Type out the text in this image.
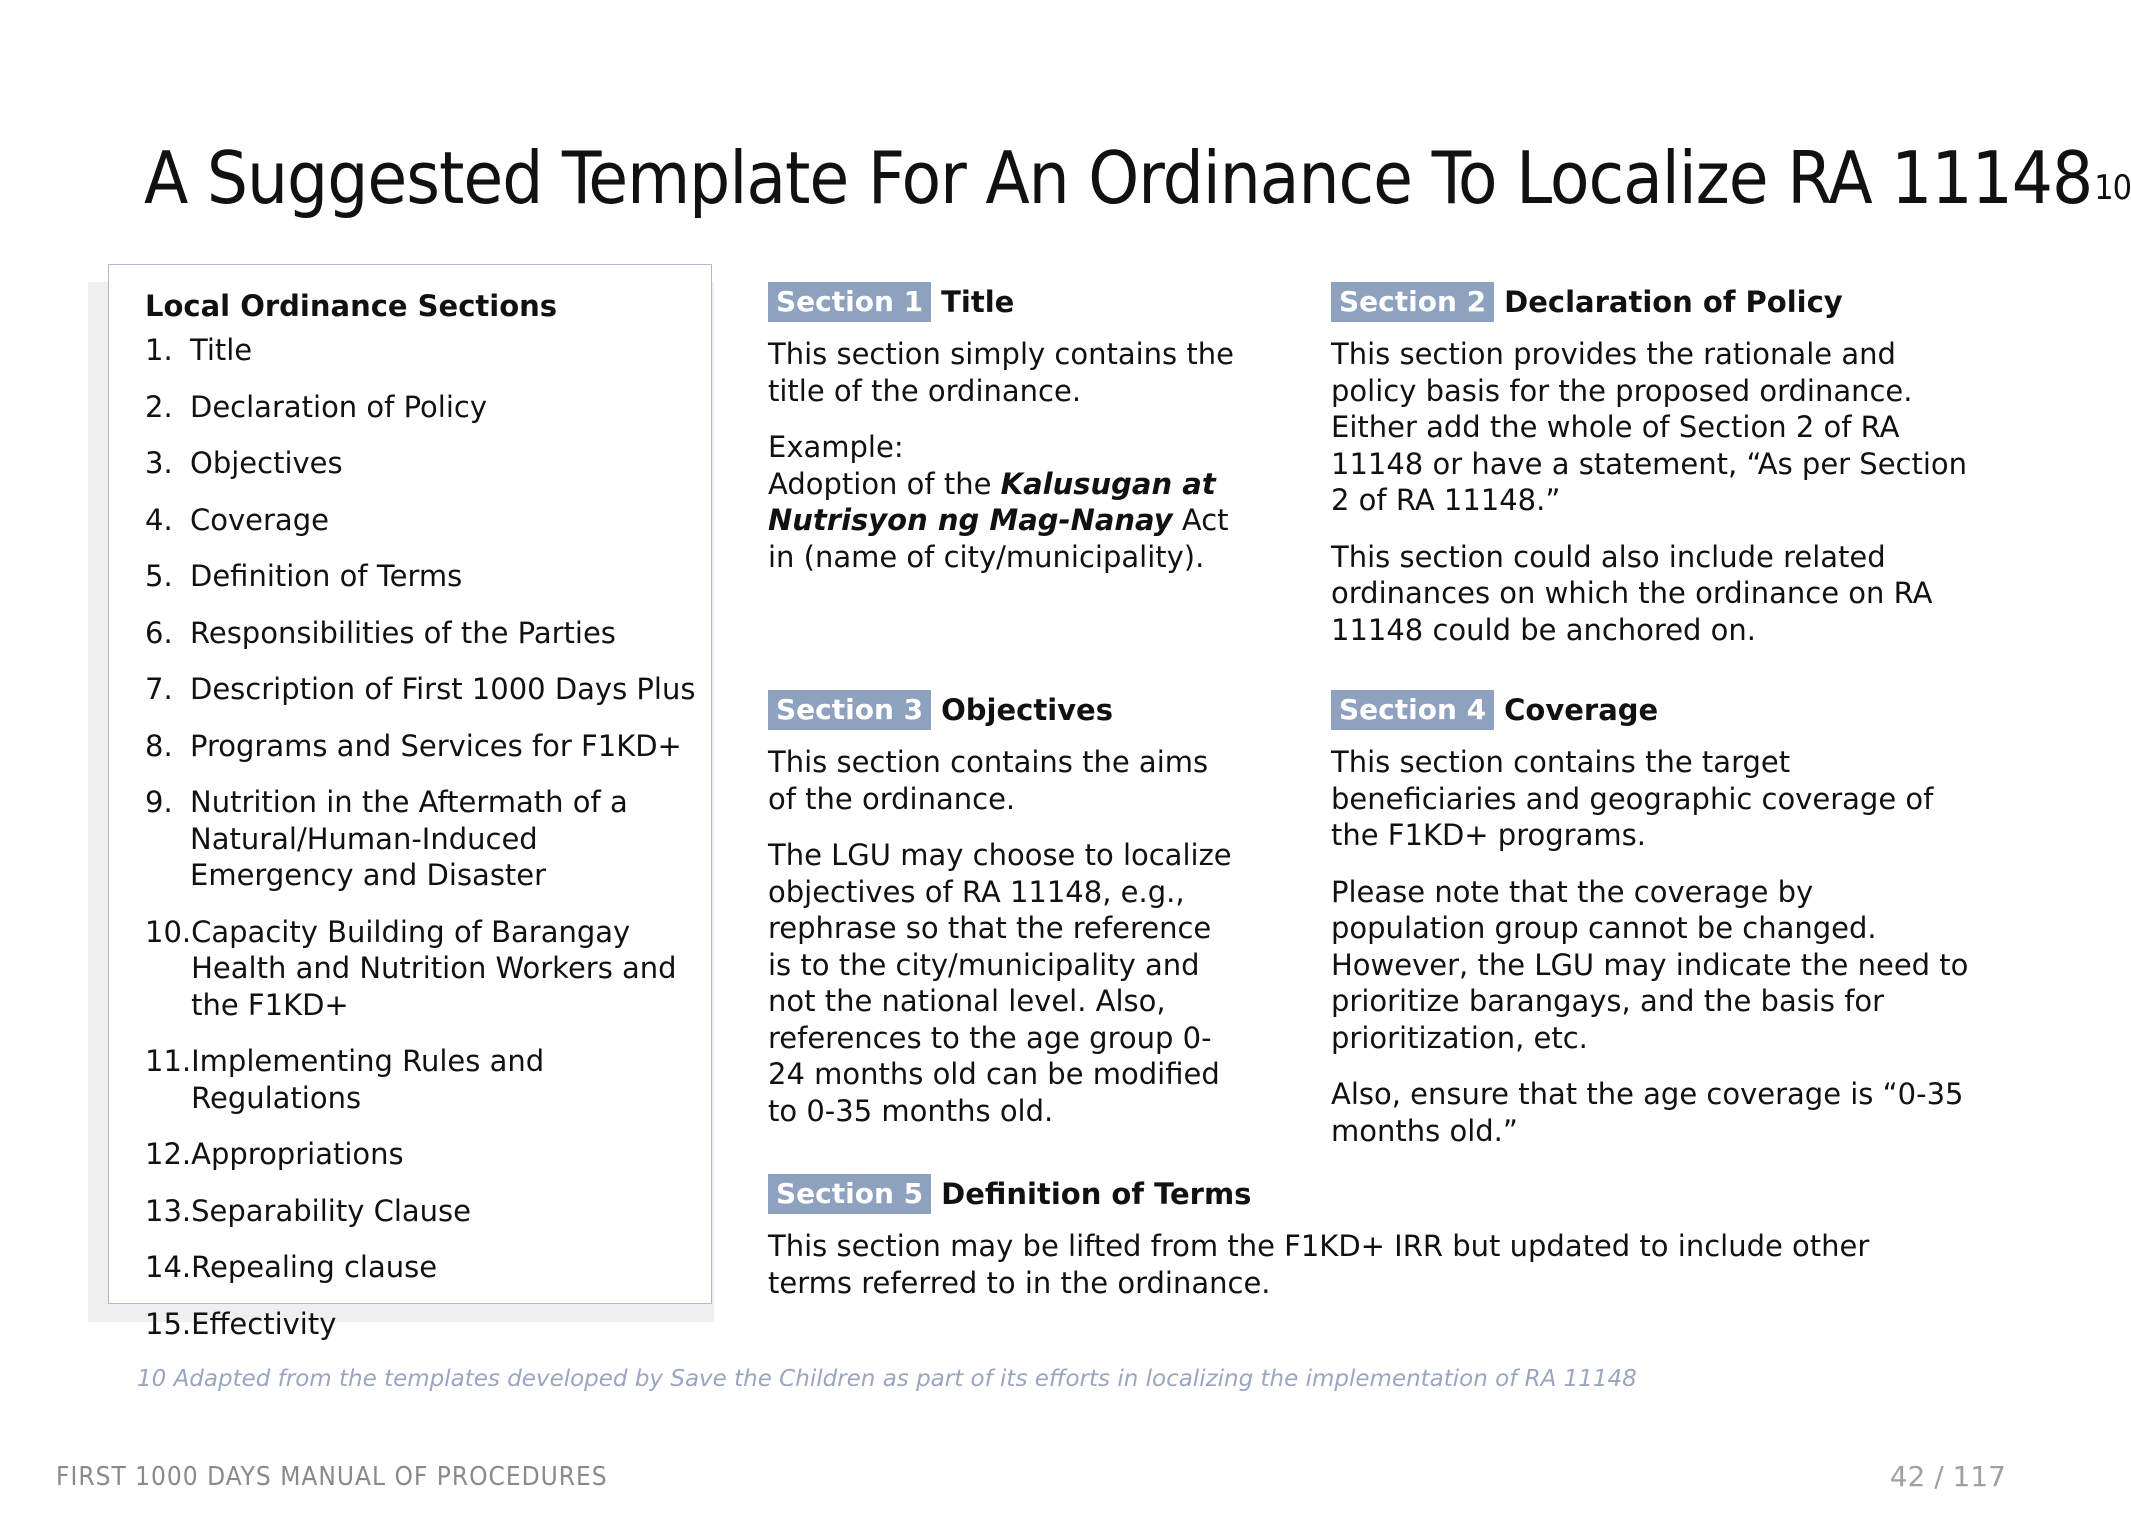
A Suggested Template For An Ordinance To Localize RA 11148$^{10}$
Local Ordinance Sections
1. Title
2. Declaration of Policy
3. Objectives
4. Coverage
5. Definition of Terms
6. Responsibilities of the Parties
7. Description of First 1000 Days Plus
8. Programs and Services for F1KD+
9. Nutrition in the Aftermath of a Natural/Human-Induced Emergency and Disaster
10. Capacity Building of Barangay Health and Nutrition Workers and the F1KD+
11. Implementing Rules and Regulations
12. Appropriations
13. Separability Clause
14. Repealing clause
15. Effectivity
Section 1 Title

This section simply contains the title of the ordinance.

Example:
Adoption of the Kalusugan at Nutrisyon ng Mag-Nanay Act in (name of city/municipality).

Section 2 Declaration of Policy

This section provides the rationale and policy basis for the proposed ordinance. Either add the whole of Section 2 of RA 11148 or have a statement, “As per Section 2 of RA 11148.”

This section could also include related ordinances on which the ordinance on RA 11148 could be anchored on.

Section 3 Objectives

This section contains the aims of the ordinance.

The LGU may choose to localize objectives of RA 11148, e.g., rephrase so that the reference is to the city/municipality and not the national level. Also, references to the age group 0-24 months old can be modified to 0-35 months old.

Section 4 Coverage

This section contains the target beneficiaries and geographic coverage of the F1KD+ programs.

Please note that the coverage by population group cannot be changed. However, the LGU may indicate the need to prioritize barangays, and the basis for prioritization, etc.

Also, ensure that the age coverage is “0-35 months old.”

Section 5 Definition of Terms

This section may be lifted from the F1KD+ IRR but updated to include other terms referred to in the ordinance.

10 Adapted from the templates developed by Save the Children as part of its efforts in localizing the implementation of RA 11148
FIRST 1000 DAYS MANUAL OF PROCEDURES	42 / 117
